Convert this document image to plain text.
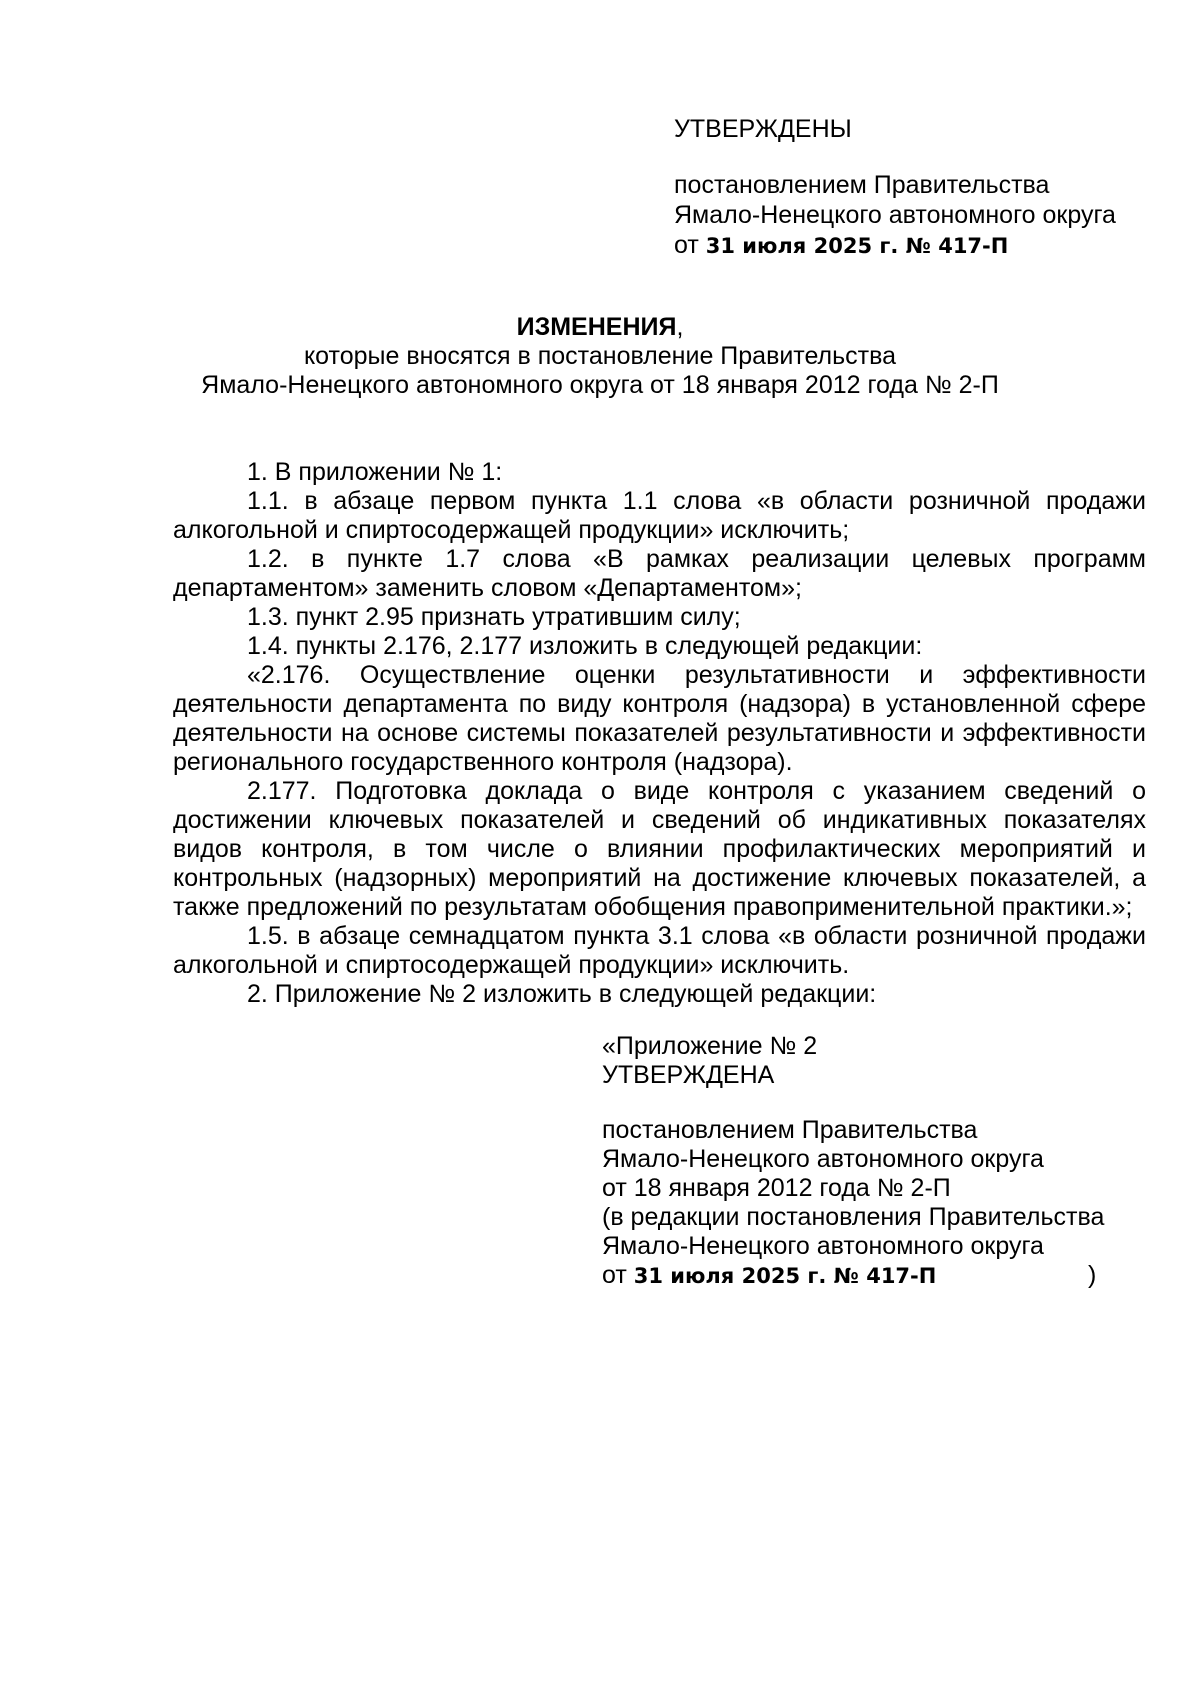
УТВЕРЖДЕНЫ
постановлением Правительства
Ямало-Ненецкого автономного округа
от 31 июля 2025 г. № 417-П
ИЗМЕНЕНИЯ,
которые вносятся в постановление Правительства
Ямало-Ненецкого автономного округа от 18 января 2012 года № 2-П

1. В приложении № 1:

1.1. в абзаце первом пункта 1.1 слова «в области розничной продажи алкогольной и спиртосодержащей продукции» исключить;

1.2. в пункте 1.7 слова «В рамках реализации целевых программ департаментом» заменить словом «Департаментом»;

1.3. пункт 2.95 признать утратившим силу;

1.4. пункты 2.176, 2.177 изложить в следующей редакции:

«2.176. Осуществление оценки результативности и эффективности деятельности департамента по виду контроля (надзора) в установленной сфере деятельности на основе системы показателей результативности и эффективности регионального государственного контроля (надзора).

2.177. Подготовка доклада о виде контроля с указанием сведений о достижении ключевых показателей и сведений об индикативных показателях видов контроля, в том числе о влиянии профилактических мероприятий и контрольных (надзорных) мероприятий на достижение ключевых показателей, а также предложений по результатам обобщения правоприменительной практики.»;

1.5. в абзаце семнадцатом пункта 3.1 слова «в области розничной продажи алкогольной и спиртосодержащей продукции» исключить.

2. Приложение № 2 изложить в следующей редакции:

«Приложение № 2
УТВЕРЖДЕНА
постановлением Правительства
Ямало-Ненецкого автономного округа
от 18 января 2012 года № 2-П
(в редакции постановления Правительства
Ямало-Ненецкого автономного округа
от 31 июля 2025 г. № 417-П	)
